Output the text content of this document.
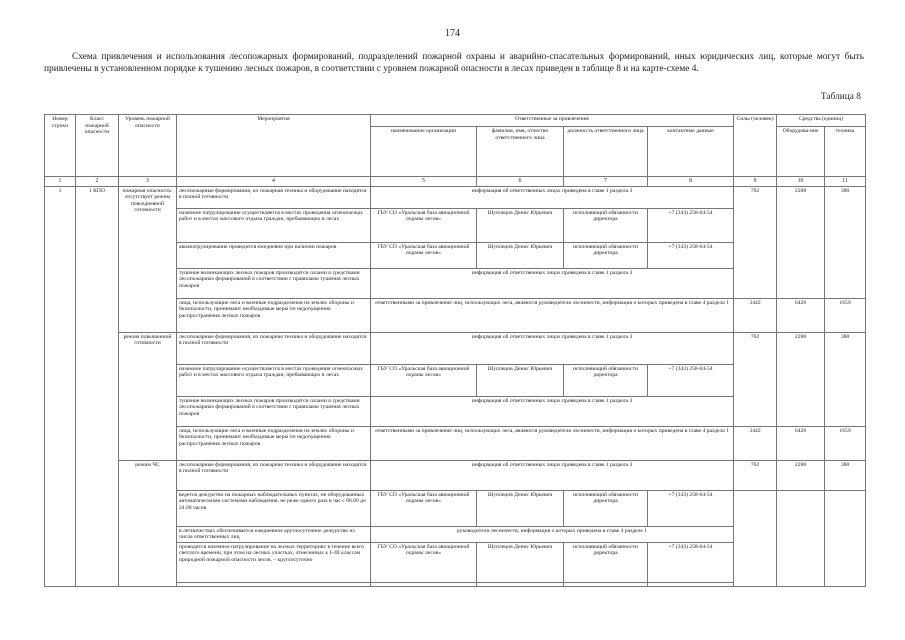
174
Схема привлечения и использования лесопожарных формирований, подразделений пожарной охраны и аварийно-спасательных формирований, иных юридических лиц, которые могут быть привлечены в установленном порядке к тушению лесных пожаров, в соответствии с уровнем пожарной опасности в лесах приведен в таблице 8 и на карте-схеме 4.
Таблица 8
Номер строки	Класс пожарной опасности	Уровень пожарной опасности	Мероприятия	Ответственные за привлечение				Силы (человек)	Средства (единиц)	
				наименование организации	фамилия, имя, отчество ответственного лица	должность ответственного лица	контактные данные		Оборудова-ние	техника
1	2	3	4	5	6	7	8	9	10	11
1	1 КПО	пожарная опасность: отсутствует режим повседневной готовности	лесопожарные формирования, их пожарная техника и оборудование находятся в полной готовности	информация об ответственных лицах приведена в главе 1 раздела 3				762	2288	388
			наземное патрулирование осуществляется в местах проведения огнеопасных работ и в местах массового отдыха граждан, пребывающих в лесах	ГБУ СО «Уральская база авиационной охраны лесов»	Шуплецов Денис Юрьевич	исполняющий обязанности директора	+7 (343) 258-64-54			
			авиапатрулирование проводится ежедневно при наличии пожаров	ГБУ СО «Уральская база авиационной охраны лесов»	Шуплецов Денис Юрьевич	исполняющий обязанности директора	+7 (343) 258-64-54			
			тушение возникающих лесных пожаров производится силами и средствами лесопожарных формирований в соответствии с правилами тушения лесных пожаров	информация об ответственных лицах приведена в главе 1 раздела 3						
			лица, использующие леса и военные подразделения на землях обороны и безопасности, принимают необходимые меры по недопущению распространения лесных пожаров	ответственными за привлечение лиц, использующих леса, являются руководители лесничеств, информация о которых приведена в главе 4 раздела 1				3442	6426	1659
		режим повышенной готовности	лесопожарные формирования, их пожарная техника и оборудование находятся в полной готовности	информация об ответственных лицах приведена в главе 1 раздела 3				762	2288	388
			наземное патрулирование осуществляется в местах проведения огнеопасных работ и в местах массового отдыха граждан, пребывающих в лесах	ГБУ СО «Уральская база авиационной охраны лесов»	Шуплецов Денис Юрьевич	исполняющий обязанности директора	+7 (343) 258-64-54			
			тушение возникающих лесных пожаров производится силами и средствами лесопожарных формирований в соответствии с правилами тушения лесных пожаров	информация об ответственных лицах приведена в главе 1 раздела 3						
			лица, использующие леса и военные подразделения на землях обороны и безопасности, принимают необходимые меры по недопущению распространения лесных пожаров	ответственными за привлечение лиц, использующих леса, являются руководители лесничеств, информация о которых приведена в главе 4 раздела 1				3442	6426	1659
		режим ЧС	лесопожарные формирования, их пожарная техника и оборудование находятся в полной готовности	информация об ответственных лицах приведена в главе 1 раздела 3				762	2288	388
			ведется дежурство на пожарных наблюдательных пунктах, не оборудованных автоматическими системами наблюдения, не реже одного раза в час с 06.00 до 24.00 часов	ГБУ СО «Уральская база авиационной охраны лесов»	Шуплецов Денис Юрьевич	исполняющий обязанности директора	+7 (343) 258-64-54			
			в лесничествах обеспечивается ежедневное круглосуточное дежурство из числа ответственных лиц	руководители лесничеств, информация о которых приведена в главе 4 разделе 1						
			проводится наземное патрулирование на лесных территориях в течение всего светлого времени, при этом на лесных участках, отнесенных к I–III классам природной пожарной опасности лесов, – круглосуточно	ГБУ СО «Уральская база авиационной охраны лесов»	Шуплецов Денис Юрьевич	исполняющий обязанности директора	+7 (343) 258-64-54			
